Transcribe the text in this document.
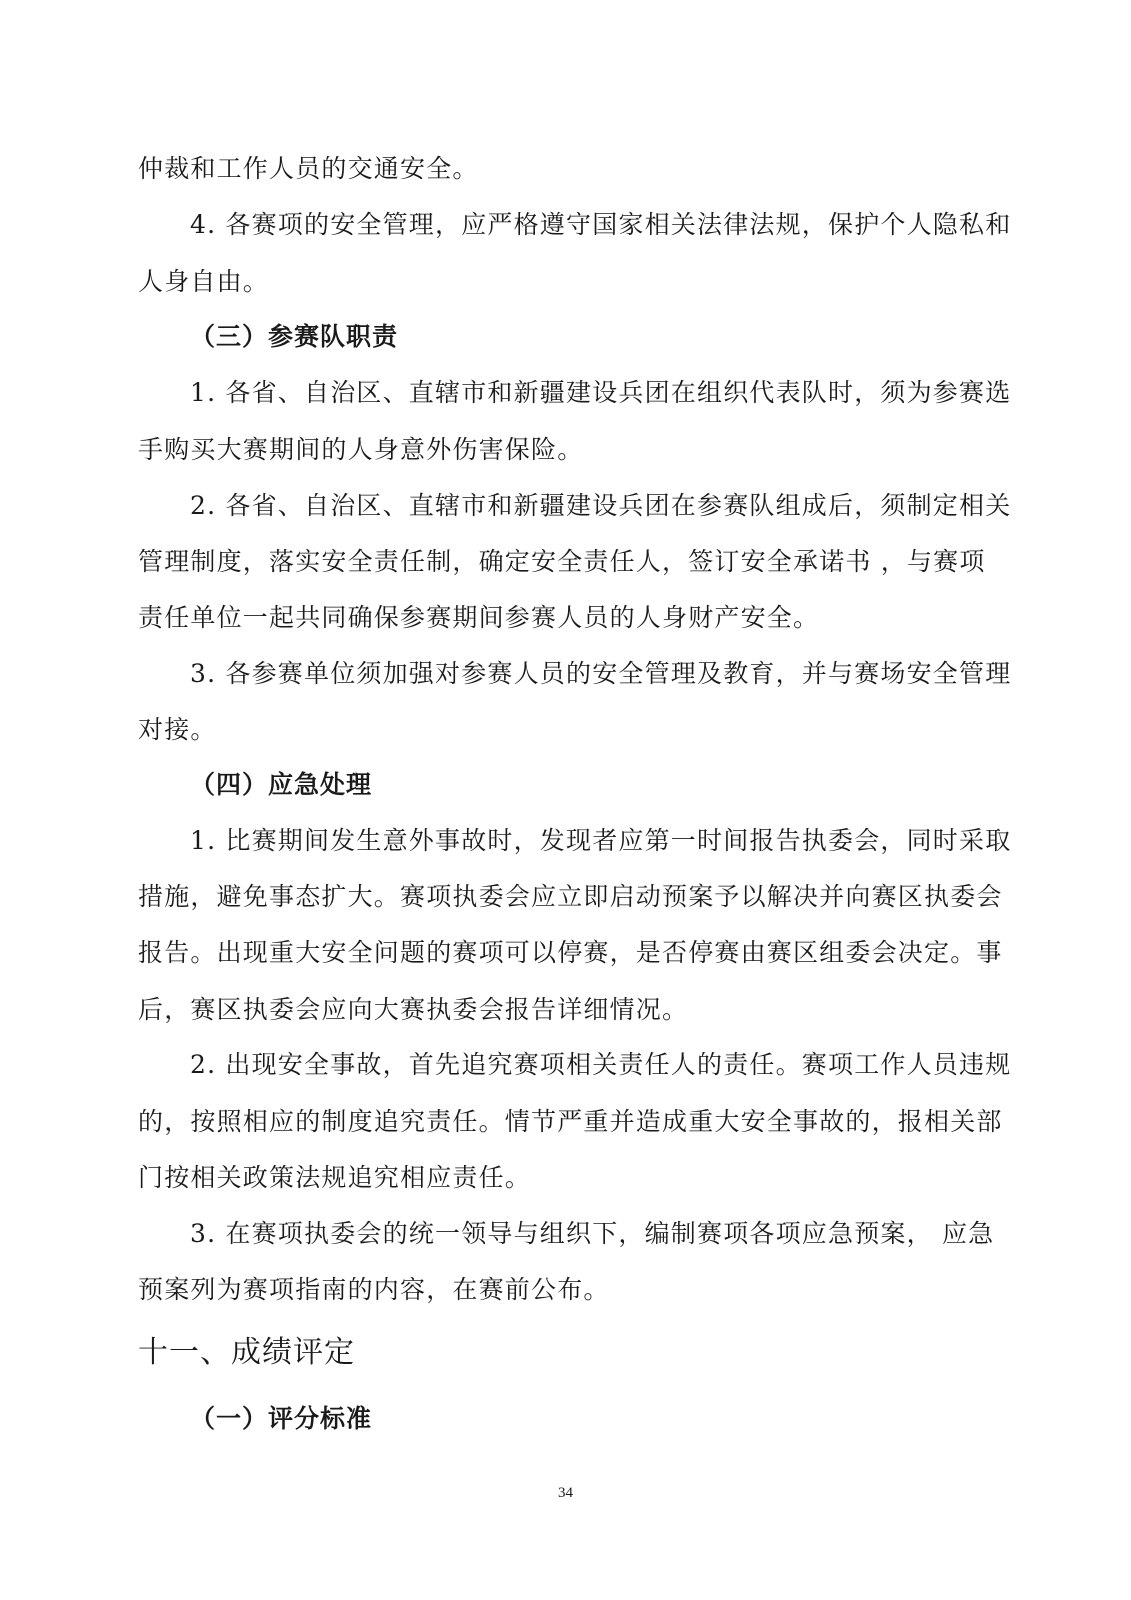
仲裁和工作人员的交通安全。
4. 各赛项的安全管理，应严格遵守国家相关法律法规，保护个人隐私和
人身自由。
（三）参赛队职责
1. 各省、自治区、直辖市和新疆建设兵团在组织代表队时，须为参赛选
手购买大赛期间的人身意外伤害保险。
2. 各省、自治区、直辖市和新疆建设兵团在参赛队组成后，须制定相关
管理制度，落实安全责任制，确定安全责任人，签订安全承诺书 ，与赛项
责任单位一起共同确保参赛期间参赛人员的人身财产安全。
3. 各参赛单位须加强对参赛人员的安全管理及教育，并与赛场安全管理
对接。
（四）应急处理
1. 比赛期间发生意外事故时，发现者应第一时间报告执委会，同时采取
措施，避免事态扩大。赛项执委会应立即启动预案予以解决并向赛区执委会
报告。出现重大安全问题的赛项可以停赛，是否停赛由赛区组委会决定。事
后，赛区执委会应向大赛执委会报告详细情况。
2. 出现安全事故，首先追究赛项相关责任人的责任。赛项工作人员违规
的，按照相应的制度追究责任。情节严重并造成重大安全事故的，报相关部
门按相关政策法规追究相应责任。
3. 在赛项执委会的统一领导与组织下，编制赛项各项应急预案， 应急
预案列为赛项指南的内容，在赛前公布。
十一、成绩评定
（一）评分标准
34
